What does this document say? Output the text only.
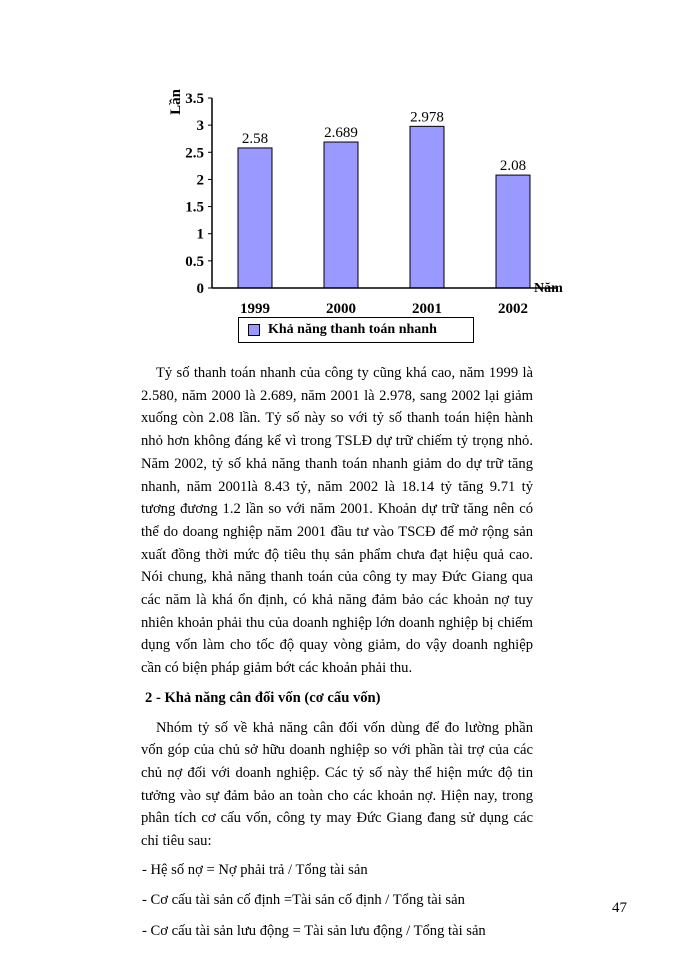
0
0.5
1
1.5
2
2.5
3
3.5
2.58	2.689
2.978
2.08
1999	2000	2001	2002
Lần
Năm
Khả năng thanh toán nhanh

Tỷ số thanh toán nhanh của công ty cũng khá cao, năm 1999 là 2.580, năm 2000 là 2.689, năm 2001 là 2.978, sang 2002 lại giảm xuống còn 2.08 lần. Tỷ số này so với tỷ số thanh toán hiện hành nhỏ hơn không đáng kể vì trong TSLĐ dự trữ chiếm tỷ trọng nhỏ. Năm 2002, tỷ số khả năng thanh toán nhanh giảm do dự trữ tăng nhanh, năm 2001là 8.43 tỷ, năm 2002 là 18.14 tỷ tăng 9.71 tỷ tương đương 1.2 lần so với năm 2001. Khoản dự trữ tăng nên có thể do doang nghiệp năm 2001 đầu tư vào TSCĐ để mở rộng sản xuất đồng thời mức độ tiêu thụ sản phẩm chưa đạt hiệu quả cao. Nói chung, khả năng thanh toán của công ty may Đức Giang qua các năm là khá ổn định, có khả năng đảm bảo các khoản nợ tuy nhiên khoản phải thu của doanh nghiệp lớn doanh nghiệp bị chiếm dụng vốn làm cho tốc độ quay vòng giảm, do vậy doanh nghiệp cần có biện pháp giảm bớt các khoản phải thu.

2 - Khả năng cân đối vốn (cơ cấu vốn)

Nhóm tỷ số về khả năng cân đối vốn dùng để đo lường phần vốn góp của chủ sở hữu doanh nghiệp so với phần tài trợ của các chủ nợ đối với doanh nghiệp. Các tỷ số này thể hiện mức độ tin tưởng vào sự đảm bảo an toàn cho các khoản nợ. Hiện nay, trong phân tích cơ cấu vốn, công ty may Đức Giang đang sử dụng các chỉ tiêu sau:

- Hệ số nợ = Nợ phải trả / Tổng tài sản

- Cơ cấu tài sản cố định =Tài sản cố định / Tổng tài sản

- Cơ cấu tài sản lưu động = Tài sản lưu động / Tổng tài sản

47
